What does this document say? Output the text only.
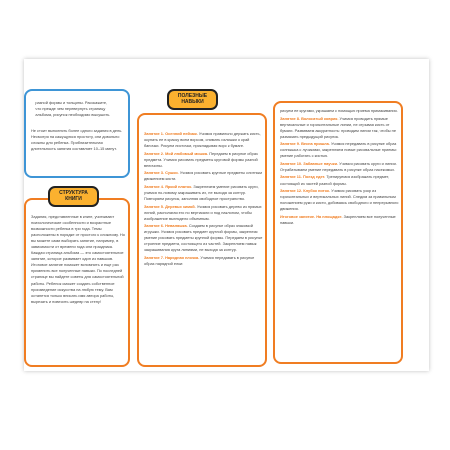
разной формы и толщины. Расскажите,
что прежде чем перевернуть страницу
альбома, рисунок необходимо высушить.

Не стоит выполнять более одного задания в день. Несмотря на кажущуюся простоту, они довольно сложны для ребенка. Приблизительная длительность занятия составляет 10–15 минут.
Задания, представленные в книге, учитывают психологические особенности и возрастные возможности ребенка в три года. Темы расположены в порядке от простого к сложному. Но вы можете сами выбирать занятие, например, в зависимости от времени года или праздника. Каждая страница альбома — это самостоятельное занятие, которое развивает один из навыков. Итоговое занятие поможет вспомнить и еще раз применить все полученные навыки. По последней странице вы найдете советы для самостоятельной работы. Ребенок сможет создать собственное произведение искусства на любую тему. Вам останется только вписать имя автора работы, вырезать и повесить шедевр на стену!
СТРУКТУРА
КНИГИ
Занятие 1. Осенний пейзаж. Учимся правильно держать кисть, окунать ее в краску всем ворсом, снимать излишки о край баночки. Рисуем листочки, прикладывая ворс к бумаге.
Занятие 2. Мой любимый мишка. Передаем в рисунке образ предмета. Учимся рисовать предметы круговой формы разной величины.
Занятие 3. Сушки. Учимся рисовать круглые предметы слитным движением кисти.
Занятие 4. Яркий платок. Закрепляем умение рисовать круги, учимся по-новому закрашивать их, не выходя за контур. Повторяем рисунок, заполняя свободное пространство.
Занятие 5. Деревья зимой. Учимся рисовать дерево из прямых линий, располагая его по вертикали и под наклоном, чтобы изображение выглядело объемным.
Занятие 6. Неваляшка. Создаем в рисунке образ знакомой игрушки. Учимся рисовать предмет круглой формы, закрепляя умение рисовать предметы крупной формы. Передаем в рисунке строение предмета, состоящего из частей. Закрепляем навык закрашивания круга линиями, не выходя за контур.
Занятие 7. Нарядная елочка. Учимся передавать в рисунке образ нарядной елки:
ПОЛЕЗНЫЕ
НАВЫКИ
рисуем ее кругами, украшаем с помощью приема примакивания.
Занятие 8. Волосатый коврик. Учимся проводить прямые вертикальные и горизонтальные линии, не отрывая кисть от бумаги. Развиваем аккуратность: проводим линии так, чтобы не размазать предыдущий рисунок.
Занятие 9. Весна пришла. Учимся передавать в рисунке образ солнышка с лучиками, закрепляем новые рисовальные приемы: умение работать с кистью.
Занятие 10. Забавные паучки. Учимся рисовать круги и линии. Отрабатываем умение передавать в рисунке образ насекомых.
Занятие 11. Поезд едет. Тренируемся изображать предмет, состоящий из частей разной формы.
Занятие 12. Клубок ниток. Учимся рисовать узор из горизонтальных и вертикальных линий. Следим за правильным положением руки и кисти, добиваясь свободного и непрерывного движения.
Итоговое занятие. На площадке. Закрепляем все полученные навыки.
